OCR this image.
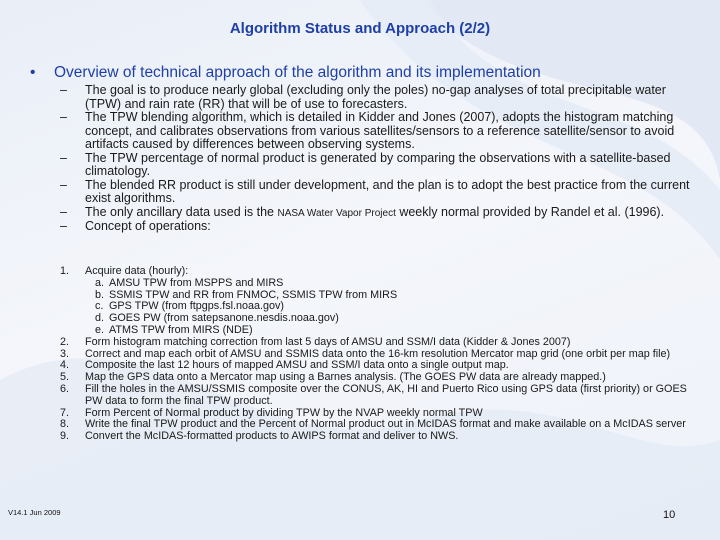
Algorithm Status and Approach (2/2)
• Overview of technical approach of the algorithm and its implementation
– The goal is to produce nearly global (excluding only the poles) no-gap analyses of total precipitable water (TPW) and rain rate (RR) that will be of use to forecasters.
– The TPW blending algorithm, which is detailed in Kidder and Jones (2007), adopts the histogram matching concept, and calibrates observations from various satellites/sensors to a reference satellite/sensor to avoid artifacts caused by differences between observing systems.
– The TPW percentage of normal product is generated by comparing the observations with a satellite-based climatology.
– The blended RR product is still under development, and the plan is to adopt the best practice from the current exist algorithms.
– The only ancillary data used is the NASA Water Vapor Project weekly normal provided by Randel et al. (1996).
– Concept of operations:
1. Acquire data (hourly):
a. AMSU TPW from MSPPS and MIRS
b. SSMIS TPW and RR from FNMOC, SSMIS TPW from MIRS
c. GPS TPW (from ftpgps.fsl.noaa.gov)
d. GOES PW (from satepsanone.nesdis.noaa.gov)
e. ATMS TPW from MIRS (NDE)
2. Form histogram matching correction from last 5 days of AMSU and SSM/I data (Kidder & Jones 2007)
3. Correct and map each orbit of AMSU and SSMIS data onto the 16-km resolution Mercator map grid (one orbit per map file)
4. Composite the last 12 hours of mapped AMSU and SSM/I data onto a single output map.
5. Map the GPS data onto a Mercator map using a Barnes analysis. (The GOES PW data are already mapped.)
6. Fill the holes in the AMSU/SSMIS composite over the CONUS, AK, HI and Puerto Rico using GPS data (first priority) or GOES PW data to form the final TPW product.
7. Form Percent of Normal product by dividing TPW by the NVAP weekly normal TPW
8. Write the final TPW product and the Percent of Normal product out in McIDAS format and make available on a McIDAS server
9. Convert the McIDAS-formatted products to AWIPS format and deliver to NWS.
V14.1 Jun 2009	10
